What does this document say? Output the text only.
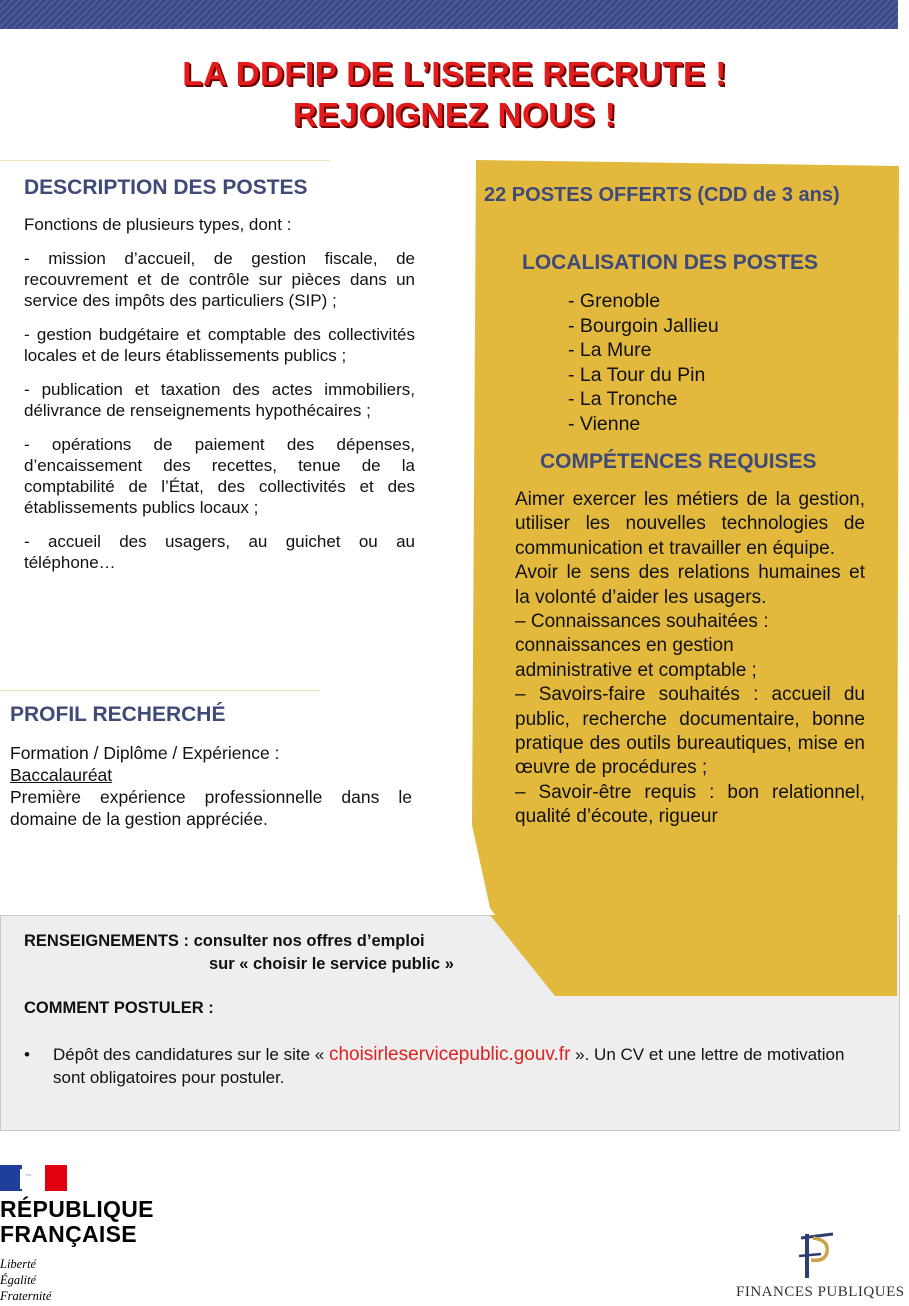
LA DDFIP DE L’ISERE RECRUTE !
REJOIGNEZ NOUS !
DESCRIPTION DES POSTES

Fonctions de plusieurs types, dont :

- mission d’accueil, de gestion fiscale, de recouvrement et de contrôle sur pièces dans un service des impôts des particuliers (SIP) ;

- gestion budgétaire et comptable des collectivités locales et de leurs établissements publics ;

- publication et taxation des actes immobiliers, délivrance de renseignements hypothécaires ;

- opérations de paiement des dépenses, d’encaissement des recettes, tenue de la comptabilité de l’État, des collectivités et des établissements publics locaux ;

- accueil des usagers, au guichet ou au téléphone…

PROFIL RECHERCHÉ
Formation / Diplôme / Expérience :
Baccalauréat
Première expérience professionnelle dans le domaine de la gestion appréciée.
22 POSTES OFFERTS (CDD de 3 ans)
LOCALISATION DES POSTES
- Grenoble
- Bourgoin Jallieu
- La Mure
- La Tour du Pin
- La Tronche
- Vienne
COMPÉTENCES REQUISES
Aimer exercer les métiers de la gestion, utiliser les nouvelles technologies de communication et travailler en équipe.
Avoir le sens des relations humaines et la volonté d’aider les usagers.
– Connaissances souhaitées :
connaissances en gestion
administrative et comptable ;
– Savoirs-faire souhaités : accueil du public, recherche documentaire, bonne pratique des outils bureautiques, mise en œuvre de procédures ;
– Savoir-être requis : bon relationnel, qualité d’écoute, rigueur
RENSEIGNEMENTS : consulter nos offres d’emploi
sur « choisir le service public »
COMMENT POSTULER :
• Dépôt des candidatures sur le site « choisirleservicepublic.gouv.fr ». Un CV et une lettre de motivation sont obligatoires pour postuler.
RÉPUBLIQUE
FRANÇAISE
Liberté
Égalité
Fraternité	FINANCES PUBLIQUES
